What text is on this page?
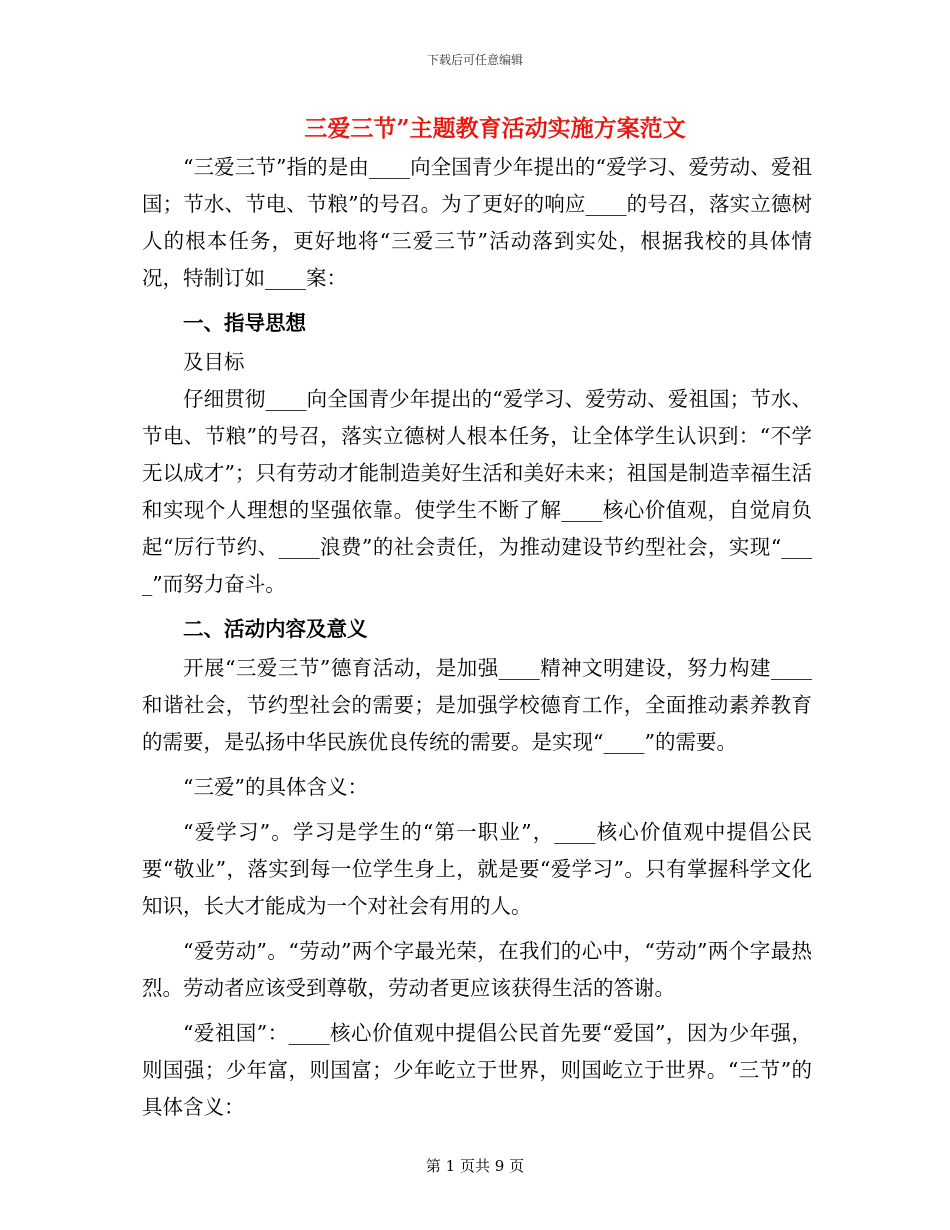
下载后可任意编辑
三爱三节”主题教育活动实施方案范文

“三爱三节”指的是由____向全国青少年提出的“爱学习、爱劳动、爱祖国；节水、节电、节粮”的号召。为了更好的响应____的号召，落实立德树人的根本任务，更好地将“三爱三节”活动落到实处，根据我校的具体情况，特制订如____案：

一、指导思想

及目标

仔细贯彻____向全国青少年提出的“爱学习、爱劳动、爱祖国；节水、节电、节粮”的号召，落实立德树人根本任务，让全体学生认识到：“不学无以成才”；只有劳动才能制造美好生活和美好未来；祖国是制造幸福生活和实现个人理想的坚强依靠。使学生不断了解____核心价值观，自觉肩负起“厉行节约、____浪费”的社会责任，为推动建设节约型社会，实现“____”而努力奋斗。

二、活动内容及意义

开展“三爱三节”德育活动，是加强____精神文明建设，努力构建____和谐社会，节约型社会的需要；是加强学校德育工作，全面推动素养教育的需要，是弘扬中华民族优良传统的需要。是实现“____”的需要。

“三爱”的具体含义：

“爱学习”。学习是学生的“第一职业”，____核心价值观中提倡公民要“敬业”，落实到每一位学生身上，就是要“爱学习”。只有掌握科学文化知识，长大才能成为一个对社会有用的人。

“爱劳动”。“劳动”两个字最光荣，在我们的心中，“劳动”两个字最热烈。劳动者应该受到尊敬，劳动者更应该获得生活的答谢。

“爱祖国”：____核心价值观中提倡公民首先要“爱国”，因为少年强，则国强；少年富，则国富；少年屹立于世界，则国屹立于世界。“三节”的具体含义：

第 1 页共 9 页
